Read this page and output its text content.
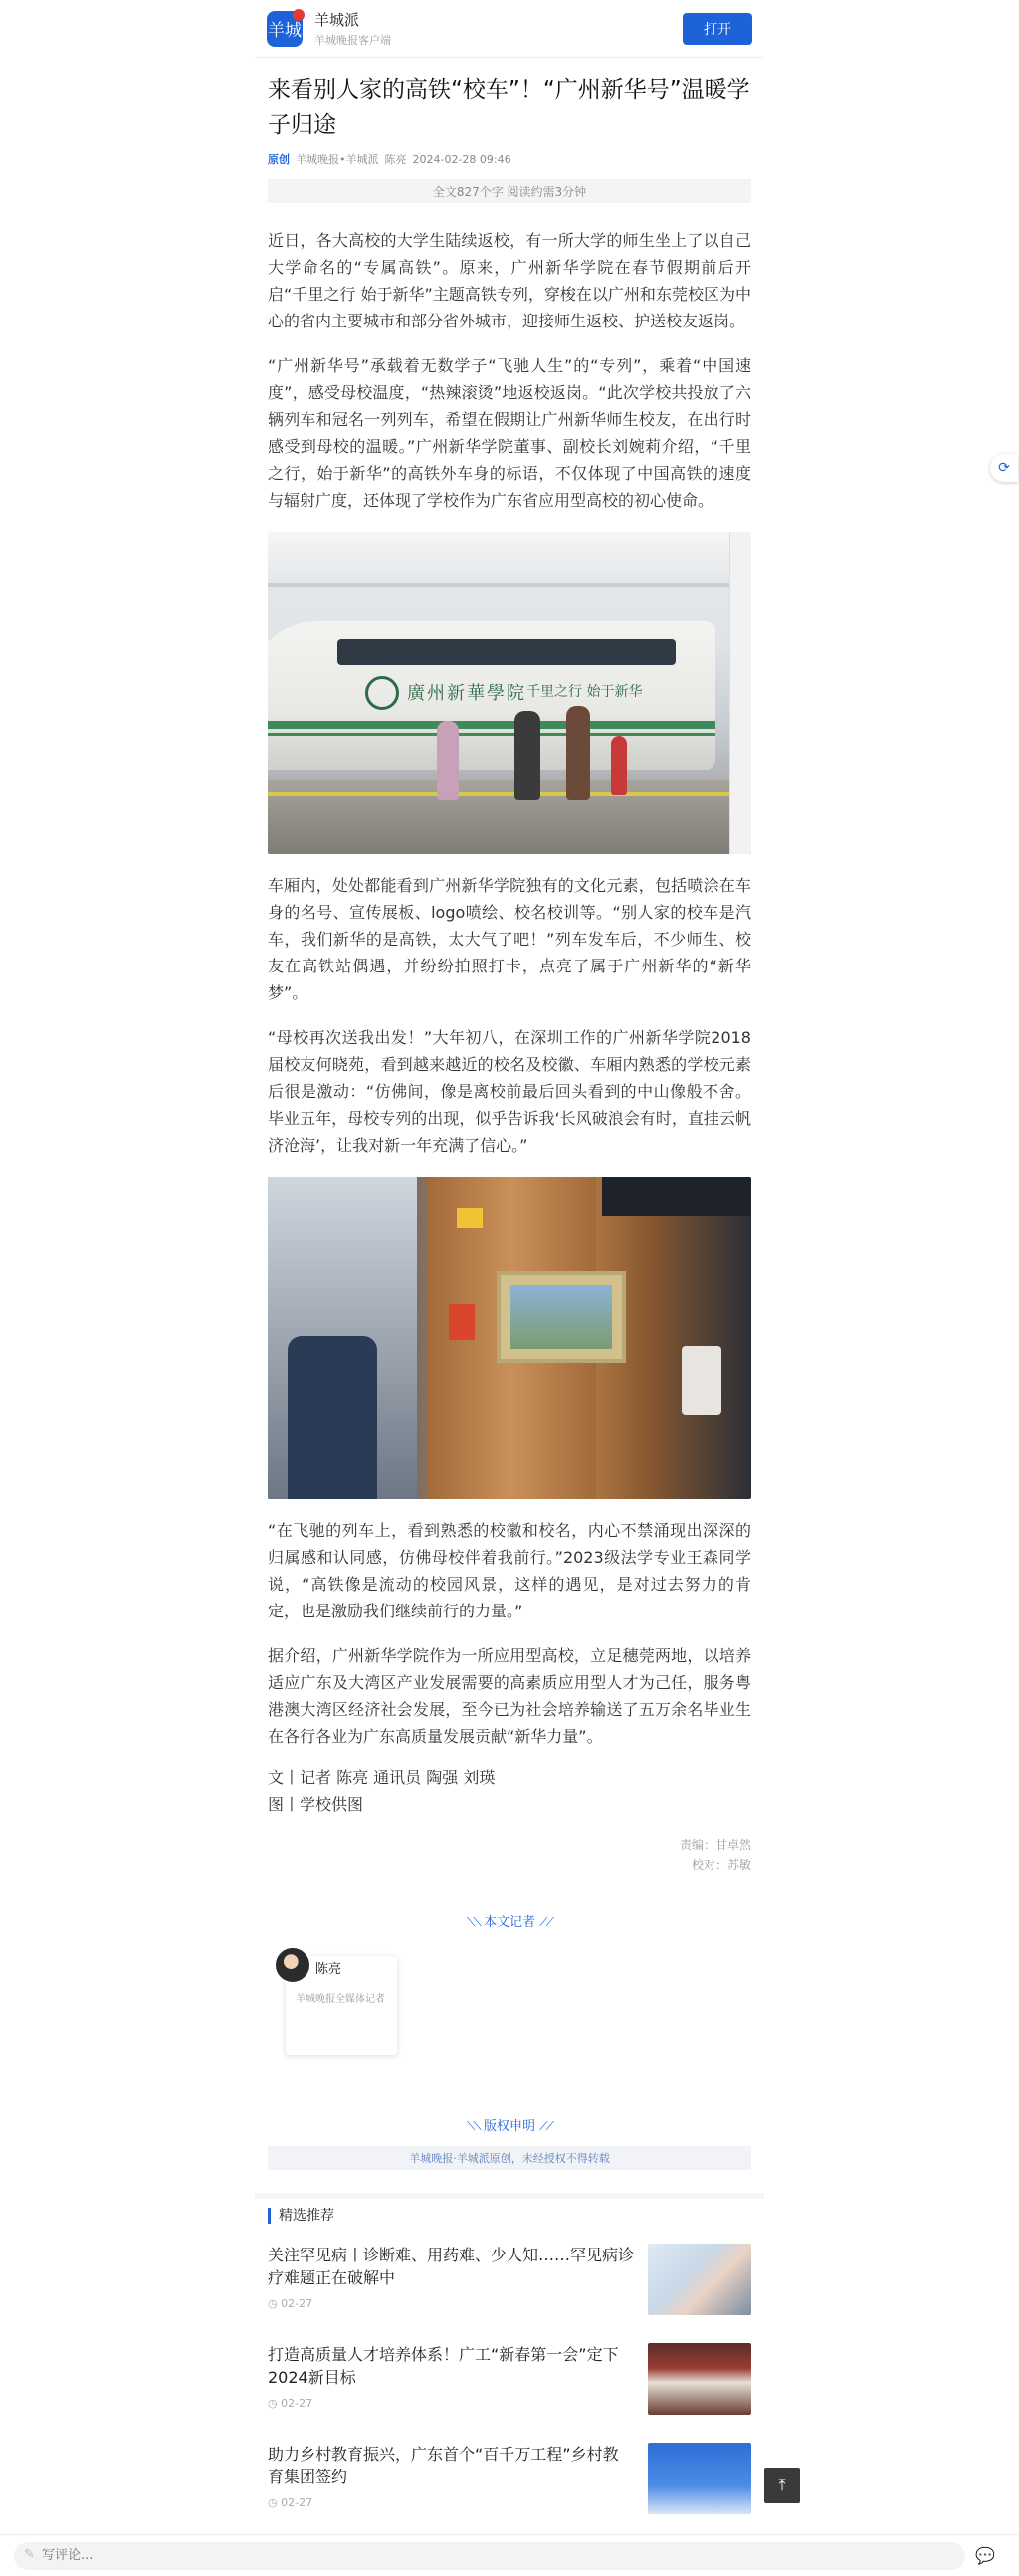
羊城
羊城派
羊城晚报客户端
打开
来看别人家的高铁“校车”！“广州新华号”温暖学子归途
原创 羊城晚报•羊城派 陈亮 2024-02-28 09:46
全文827个字 阅读约需3分钟

近日，各大高校的大学生陆续返校，有一所大学的师生坐上了以自己大学命名的“专属高铁”。原来，广州新华学院在春节假期前后开启“千里之行 始于新华”主题高铁专列，穿梭在以广州和东莞校区为中心的省内主要城市和部分省外城市，迎接师生返校、护送校友返岗。

“广州新华号”承载着无数学子“飞驰人生”的“专列”，乘着“中国速度”，感受母校温度，“热辣滚烫”地返校返岗。“此次学校共投放了六辆列车和冠名一列列车，希望在假期让广州新华师生校友，在出行时感受到母校的温暖。”广州新华学院董事、副校长刘婉莉介绍，“千里之行，始于新华”的高铁外车身的标语，不仅体现了中国高铁的速度与辐射广度，还体现了学校作为广东省应用型高校的初心使命。

廣州新華學院 千里之行 始于新华

车厢内，处处都能看到广州新华学院独有的文化元素，包括喷涂在车身的名号、宣传展板、logo喷绘、校名校训等。“别人家的校车是汽车，我们新华的是高铁，太大气了吧！”列车发车后，不少师生、校友在高铁站偶遇，并纷纷拍照打卡，点亮了属于广州新华的“新华梦”。

“母校再次送我出发！”大年初八，在深圳工作的广州新华学院2018届校友何晓苑，看到越来越近的校名及校徽、车厢内熟悉的学校元素后很是激动：“仿佛间，像是离校前最后回头看到的中山像般不舍。毕业五年，母校专列的出现，似乎告诉我‘长风破浪会有时，直挂云帆济沧海’，让我对新一年充满了信心。”

“在飞驰的列车上，看到熟悉的校徽和校名，内心不禁涌现出深深的归属感和认同感，仿佛母校伴着我前行。”2023级法学专业王森同学说，“高铁像是流动的校园风景，这样的遇见，是对过去努力的肯定，也是激励我们继续前行的力量。”

据介绍，广州新华学院作为一所应用型高校，立足穗莞两地，以培养适应广东及大湾区产业发展需要的高素质应用型人才为己任，服务粤港澳大湾区经济社会发展，至今已为社会培养输送了五万余名毕业生在各行各业为广东高质量发展贡献“新华力量”。

文丨记者 陈亮 通讯员 陶强 刘瑛
图丨学校供图
责编：甘卓然
校对：苏敏
⟍⟍ 本文记者 ⟋⟋
陈亮
羊城晚报全媒体记者
⟍⟍ 版权申明 ⟋⟋
羊城晚报·羊城派原创，未经授权不得转载
精选推荐
关注罕见病丨诊断难、用药难、少人知……罕见病诊疗难题正在破解中
◷ 02-27
打造高质量人才培养体系！广工“新春第一会”定下2024新目标
◷ 02-27
助力乡村教育振兴，广东首个“百千万工程”乡村教育集团签约
◷ 02-27
⟳
⤒
✎
写评论...	💬
